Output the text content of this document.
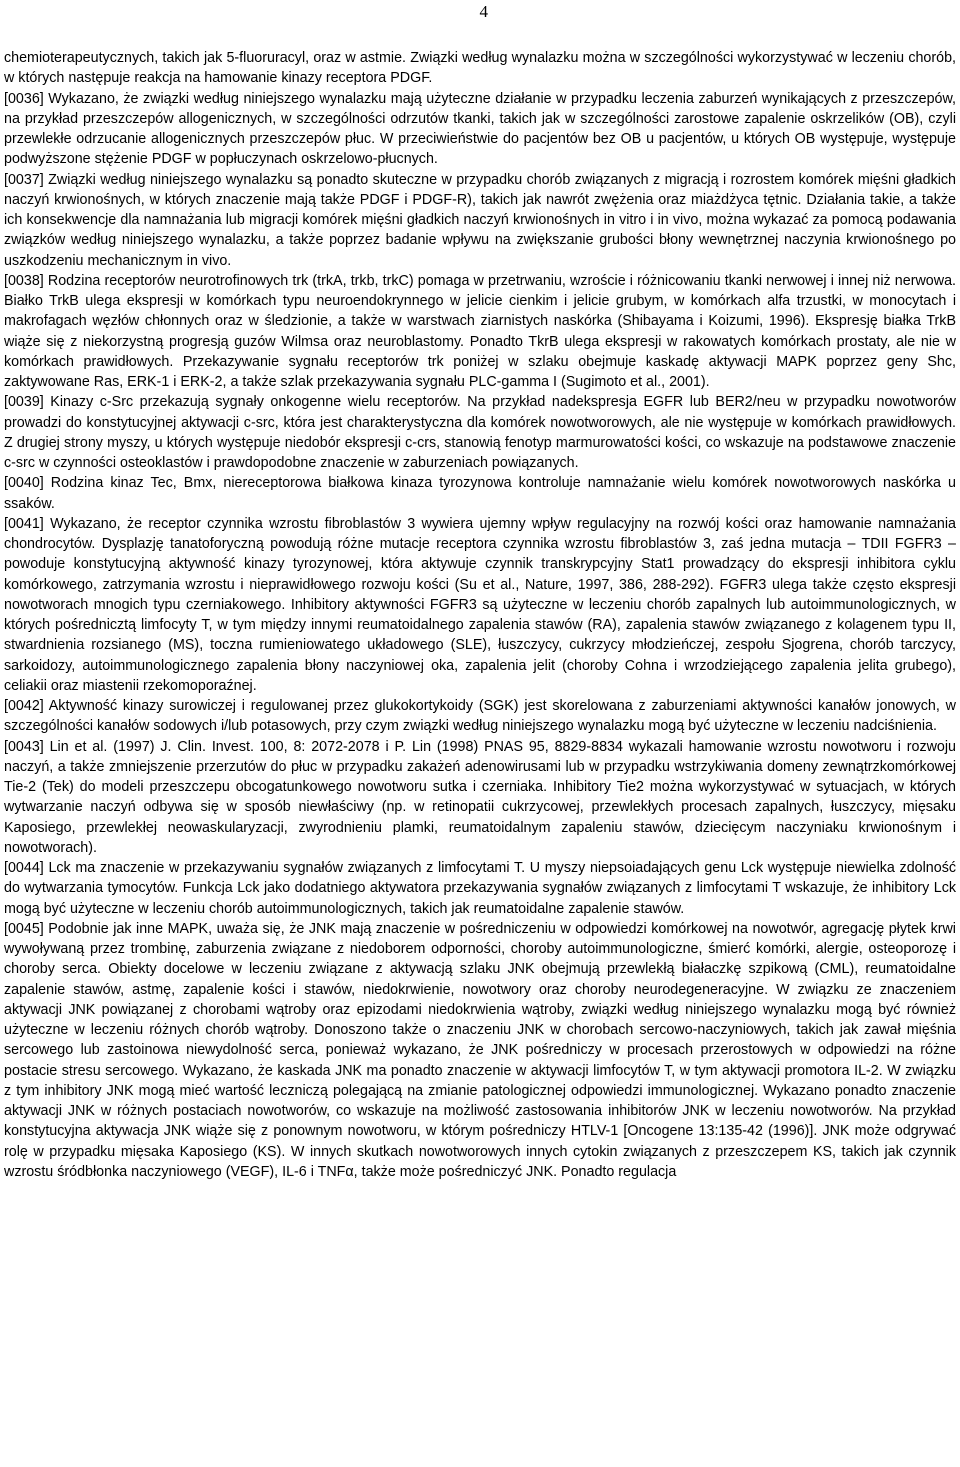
4

chemioterapeutycznych, takich jak 5-fluoruracyl, oraz w astmie. Związki według wynalazku można w szczególności wykorzystywać w leczeniu chorób, w których następuje reakcja na hamowanie kinazy receptora PDGF.

[0036] Wykazano, że związki według niniejszego wynalazku mają użyteczne działanie w przypadku leczenia zaburzeń wynikających z przeszczepów, na przykład przeszczepów allogenicznych, w szczególności odrzutów tkanki, takich jak w szczególności zarostowe zapalenie oskrzelików (OB), czyli przewlekłe odrzucanie allogenicznych przeszczepów płuc. W przeciwieństwie do pacjentów bez OB u pacjentów, u których OB występuje, występuje podwyższone stężenie PDGF w popłuczynach oskrzelowo-płucnych.

[0037] Związki według niniejszego wynalazku są ponadto skuteczne w przypadku chorób związanych z migracją i rozrostem komórek mięśni gładkich naczyń krwionośnych, w których znaczenie mają także PDGF i PDGF-R), takich jak nawrót zwężenia oraz miażdżyca tętnic. Działania takie, a także ich konsekwencje dla namnażania lub migracji komórek mięśni gładkich naczyń krwionośnych in vitro i in vivo, można wykazać za pomocą podawania związków według niniejszego wynalazku, a także poprzez badanie wpływu na zwiększanie grubości błony wewnętrznej naczynia krwionośnego po uszkodzeniu mechanicznym in vivo.

[0038] Rodzina receptorów neurotrofinowych trk (trkA, trkb, trkC) pomaga w przetrwaniu, wzroście i różnicowaniu tkanki nerwowej i innej niż nerwowa. Białko TrkB ulega ekspresji w komórkach typu neuroendokrynnego w jelicie cienkim i jelicie grubym, w komórkach alfa trzustki, w monocytach i makrofagach węzłów chłonnych oraz w śledzionie, a także w warstwach ziarnistych naskórka (Shibayama i Koizumi, 1996). Ekspresję białka TrkB wiąże się z niekorzystną progresją guzów Wilmsa oraz neuroblastomy. Ponadto TkrB ulega ekspresji w rakowatych komórkach prostaty, ale nie w komórkach prawidłowych. Przekazywanie sygnału receptorów trk poniżej w szlaku obejmuje kaskadę aktywacji MAPK poprzez geny Shc, zaktywowane Ras, ERK-1 i ERK-2, a także szlak przekazywania sygnału PLC-gamma I (Sugimoto et al., 2001).

[0039] Kinazy c-Src przekazują sygnały onkogenne wielu receptorów. Na przykład nadekspresja EGFR lub BER2/neu w przypadku nowotworów prowadzi do konstytucyjnej aktywacji c-src, która jest charakterystyczna dla komórek nowotworowych, ale nie występuje w komórkach prawidłowych. Z drugiej strony myszy, u których występuje niedobór ekspresji c-crs, stanowią fenotyp marmurowatości kości, co wskazuje na podstawowe znaczenie c-src w czynności osteoklastów i prawdopodobne znaczenie w zaburzeniach powiązanych.

[0040] Rodzina kinaz Tec, Bmx, niereceptorowa białkowa kinaza tyrozynowa kontroluje namnażanie wielu komórek nowotworowych naskórka u ssaków.

[0041] Wykazano, że receptor czynnika wzrostu fibroblastów 3 wywiera ujemny wpływ regulacyjny na rozwój kości oraz hamowanie namnażania chondrocytów. Dysplazję tanatoforyczną powodują różne mutacje receptora czynnika wzrostu fibroblastów 3, zaś jedna mutacja – TDII FGFR3 – powoduje konstytucyjną aktywność kinazy tyrozynowej, która aktywuje czynnik transkrypcyjny Stat1 prowadzący do ekspresji inhibitora cyklu komórkowego, zatrzymania wzrostu i nieprawidłowego rozwoju kości (Su et al., Nature, 1997, 386, 288-292). FGFR3 ulega także często ekspresji nowotworach mnogich typu czerniakowego. Inhibitory aktywności FGFR3 są użyteczne w leczeniu chorób zapalnych lub autoimmunologicznych, w których pośrednicztą limfocyty T, w tym między innymi reumatoidalnego zapalenia stawów (RA), zapalenia stawów związanego z kolagenem typu II, stwardnienia rozsianego (MS), toczna rumieniowatego układowego (SLE), łuszczycy, cukrzycy młodzieńczej, zespołu Sjogrena, chorób tarczycy, sarkoidozy, autoimmunologicznego zapalenia błony naczyniowej oka, zapalenia jelit (choroby Cohna i wrzodziejącego zapalenia jelita grubego), celiakii oraz miastenii rzekomoporaźnej.

[0042] Aktywność kinazy surowiczej i regulowanej przez glukokortykoidy (SGK) jest skorelowana z zaburzeniami aktywności kanałów jonowych, w szczególności kanałów sodowych i/lub potasowych, przy czym związki według niniejszego wynalazku mogą być użyteczne w leczeniu nadciśnienia.

[0043] Lin et al. (1997) J. Clin. Invest. 100, 8: 2072-2078 i P. Lin (1998) PNAS 95, 8829-8834 wykazali hamowanie wzrostu nowotworu i rozwoju naczyń, a także zmniejszenie przerzutów do płuc w przypadku zakażeń adenowirusami lub w przypadku wstrzykiwania domeny zewnątrzkomórkowej Tie-2 (Tek) do modeli przeszczepu obcogatunkowego nowotworu sutka i czerniaka. Inhibitory Tie2 można wykorzystywać w sytuacjach, w których wytwarzanie naczyń odbywa się w sposób niewłaściwy (np. w retinopatii cukrzycowej, przewlekłych procesach zapalnych, łuszczycy, mięsaku Kaposiego, przewlekłej neowaskularyzacji, zwyrodnieniu plamki, reumatoidalnym zapaleniu stawów, dziecięcym naczyniaku krwionośnym i nowotworach).

[0044] Lck ma znaczenie w przekazywaniu sygnałów związanych z limfocytami T. U myszy niepsoiadających genu Lck występuje niewielka zdolność do wytwarzania tymocytów. Funkcja Lck jako dodatniego aktywatora przekazywania sygnałów związanych z limfocytami T wskazuje, że inhibitory Lck mogą być użyteczne w leczeniu chorób autoimmunologicznych, takich jak reumatoidalne zapalenie stawów.

[0045] Podobnie jak inne MAPK, uważa się, że JNK mają znaczenie w pośredniczeniu w odpowiedzi komórkowej na nowotwór, agregację płytek krwi wywoływaną przez trombinę, zaburzenia związane z niedoborem odporności, choroby autoimmunologiczne, śmierć komórki, alergie, osteoporozę i choroby serca. Obiekty docelowe w leczeniu związane z aktywacją szlaku JNK obejmują przewlekłą białaczkę szpikową (CML), reumatoidalne zapalenie stawów, astmę, zapalenie kości i stawów, niedokrwienie, nowotwory oraz choroby neurodegeneracyjne. W związku ze znaczeniem aktywacji JNK powiązanej z chorobami wątroby oraz epizodami niedokrwienia wątroby, związki według niniejszego wynalazku mogą być również użyteczne w leczeniu różnych chorób wątroby. Donoszono także o znaczeniu JNK w chorobach sercowo-naczyniowych, takich jak zawał mięśnia sercowego lub zastoinowa niewydolność serca, ponieważ wykazano, że JNK pośredniczy w procesach przerostowych w odpowiedzi na różne postacie stresu sercowego. Wykazano, że kaskada JNK ma ponadto znaczenie w aktywacji limfocytów T, w tym aktywacji promotora IL-2. W związku z tym inhibitory JNK mogą mieć wartość leczniczą polegającą na zmianie patologicznej odpowiedzi immunologicznej. Wykazano ponadto znaczenie aktywacji JNK w różnych postaciach nowotworów, co wskazuje na możliwość zastosowania inhibitorów JNK w leczeniu nowotworów. Na przykład konstytucyjna aktywacja JNK wiąże się z ponownym nowotworu, w którym pośredniczy HTLV-1 [Oncogene 13:135-42 (1996)]. JNK może odgrywać rolę w przypadku mięsaka Kaposiego (KS). W innych skutkach nowotworowych innych cytokin związanych z przeszczepem KS, takich jak czynnik wzrostu śródbłonka naczyniowego (VEGF), IL-6 i TNFα, także może pośredniczyć JNK. Ponadto regulacja
